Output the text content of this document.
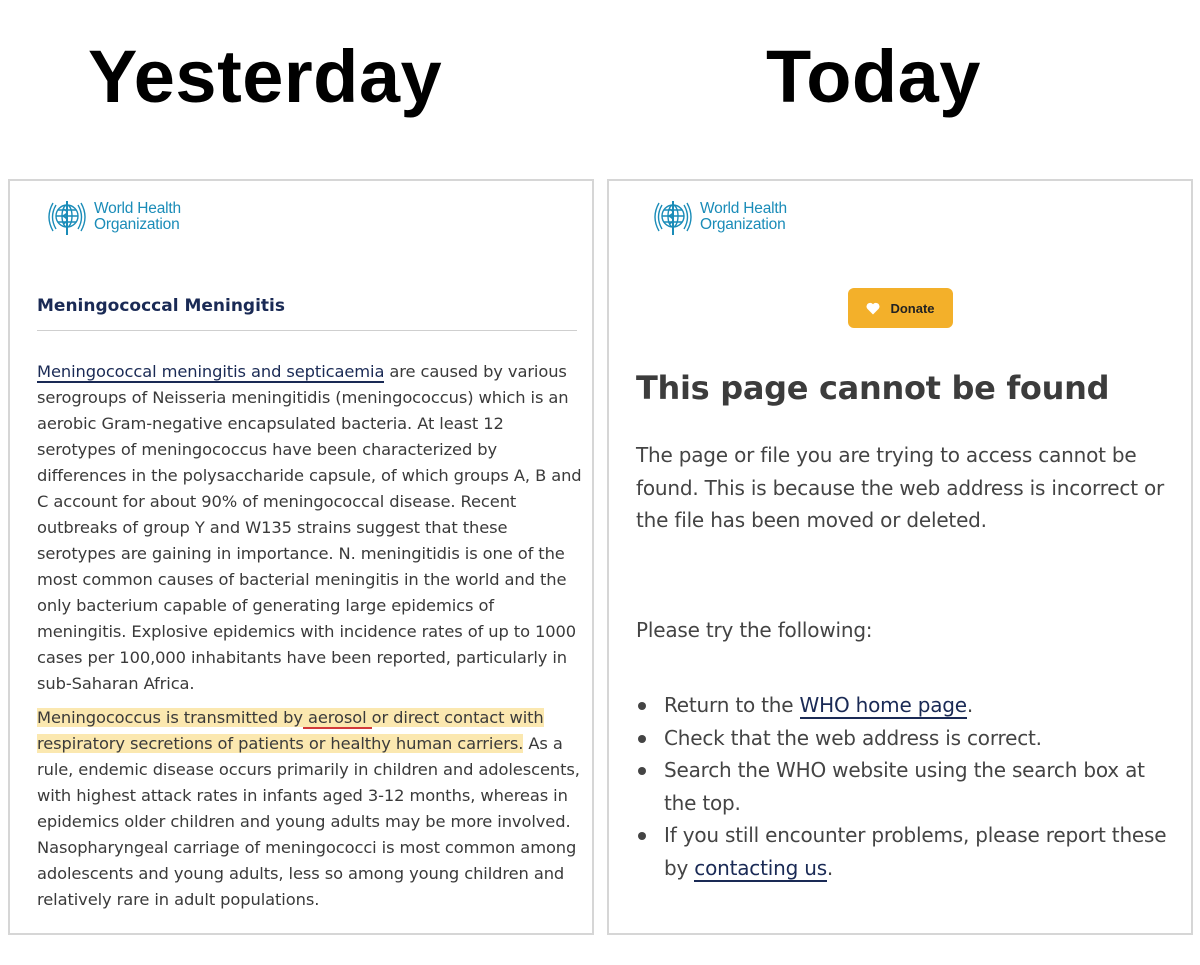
Yesterday	Today
World Health
Organization
Meningococcal Meningitis

Meningococcal meningitis and septicaemia are caused by various serogroups of Neisseria meningitidis (meningococcus) which is an aerobic Gram-negative encapsulated bacteria. At least 12 serotypes of meningococcus have been characterized by differences in the polysaccharide capsule, of which groups A, B and C account for about 90% of meningococcal disease. Recent outbreaks of group Y and W135 strains suggest that these serotypes are gaining in importance. N. meningitidis is one of the most common causes of bacterial meningitis in the world and the only bacterium capable of generating large epidemics of meningitis. Explosive epidemics with incidence rates of up to 1000 cases per 100,000 inhabitants have been reported, particularly in sub-Saharan Africa.

Meningococcus is transmitted by aerosol or direct contact with respiratory secretions of patients or healthy human carriers. As a rule, endemic disease occurs primarily in children and adolescents, with highest attack rates in infants aged 3-12 months, whereas in epidemics older children and young adults may be more involved. Nasopharyngeal carriage of meningococci is most common among adolescents and young adults, less so among young children and relatively rare in adult populations.

World Health
Organization
Donate
This page cannot be found

The page or file you are trying to access cannot be found. This is because the web address is incorrect or the file has been moved or deleted.

Please try the following:

Return to the WHO home page.
Check that the web address is correct.
Search the WHO website using the search box at the top.
If you still encounter problems, please report these by contacting us.
